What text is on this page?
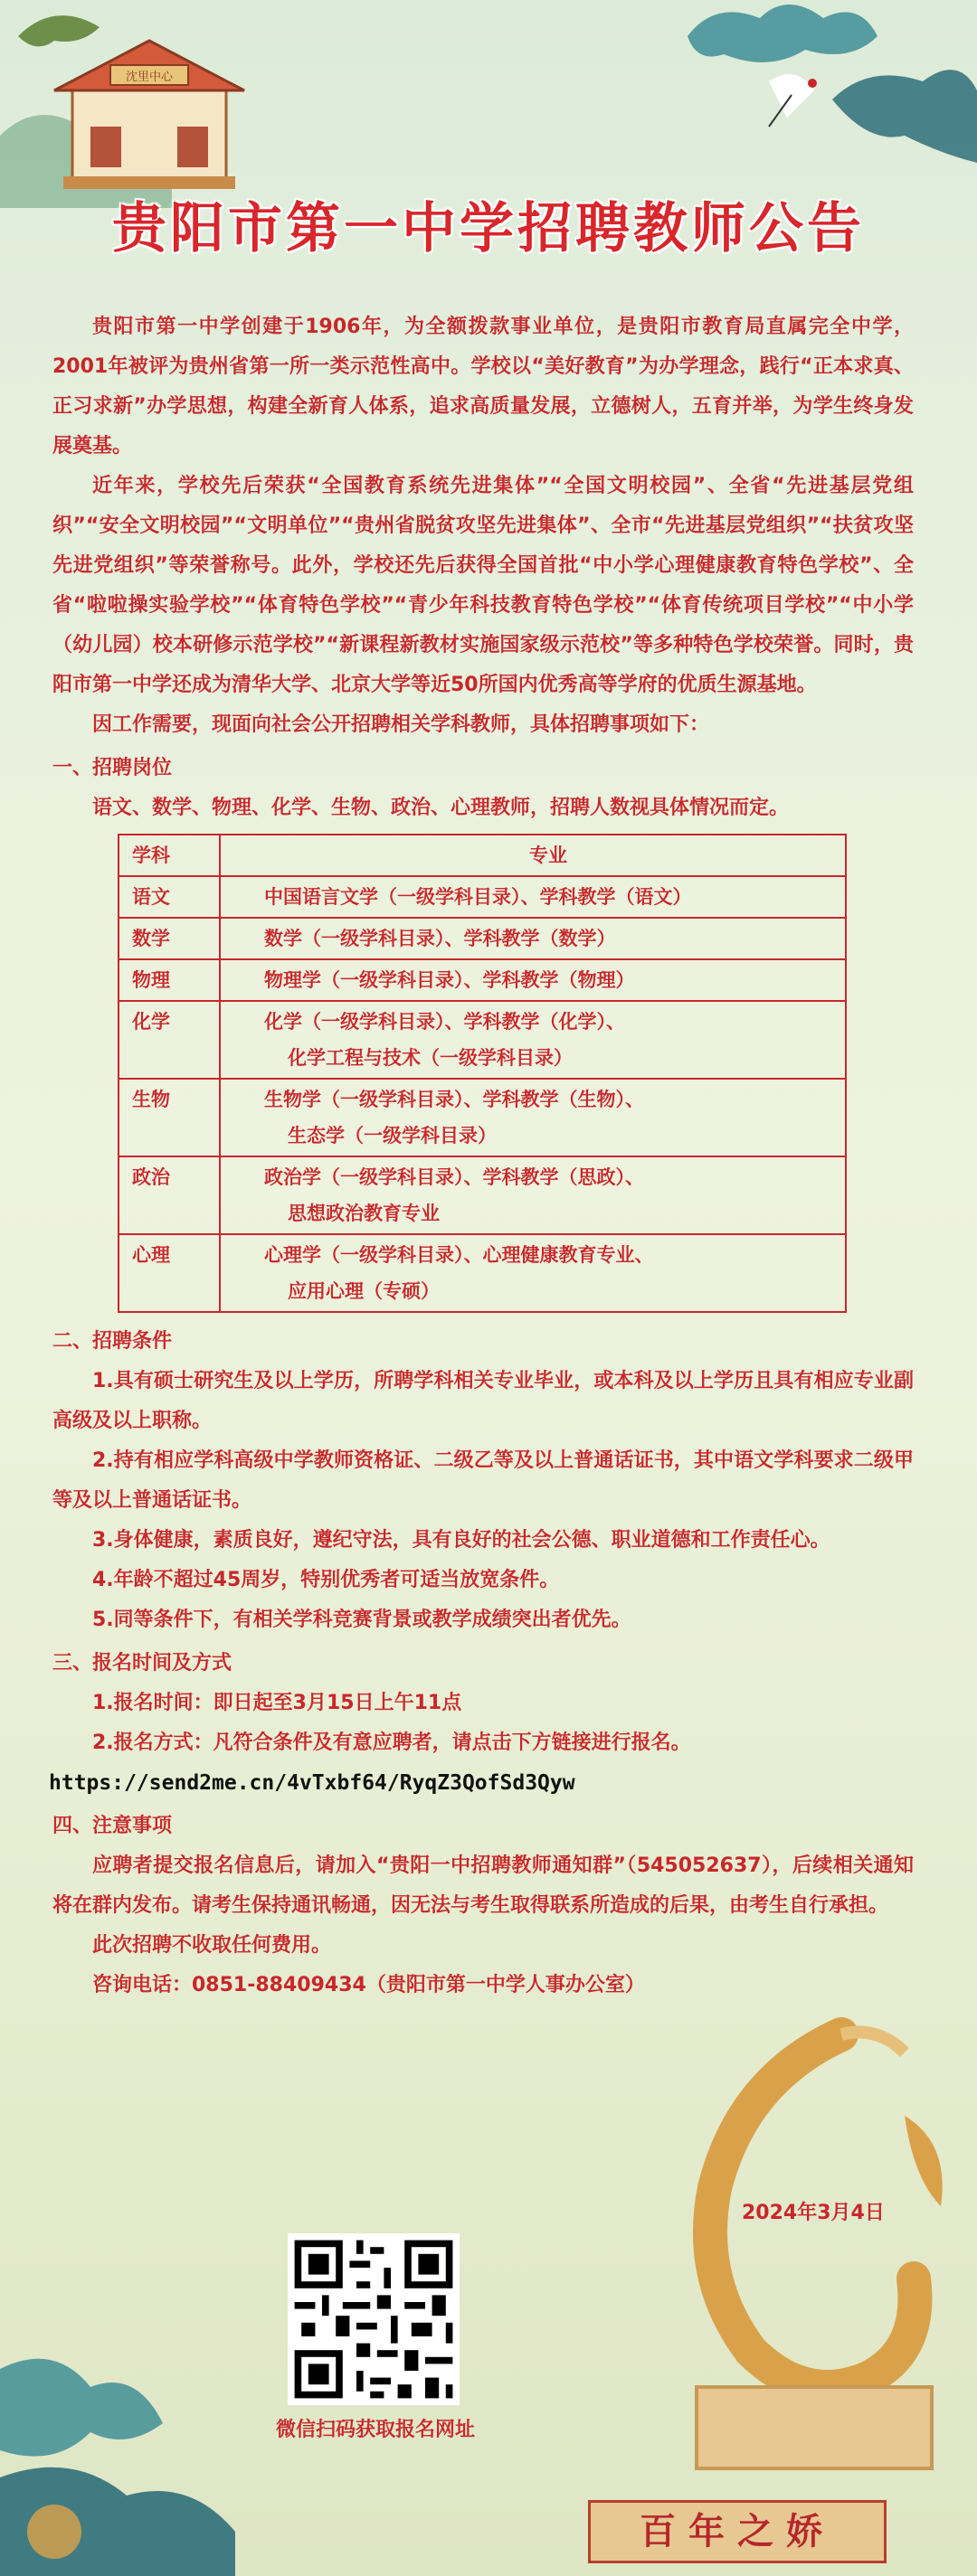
沈里中心
贵阳市第一中学招聘教师公告

贵阳市第一中学创建于1906年，为全额拨款事业单位，是贵阳市教育局直属完全中学，2001年被评为贵州省第一所一类示范性高中。学校以“美好教育”为办学理念，践行“正本求真、正习求新”办学思想，构建全新育人体系，追求高质量发展，立德树人，五育并举，为学生终身发展奠基。

近年来，学校先后荣获“全国教育系统先进集体”“全国文明校园”、全省“先进基层党组织”“安全文明校园”“文明单位”“贵州省脱贫攻坚先进集体”、全市“先进基层党组织”“扶贫攻坚先进党组织”等荣誉称号。此外，学校还先后获得全国首批“中小学心理健康教育特色学校”、全省“啦啦操实验学校”“体育特色学校”“青少年科技教育特色学校”“体育传统项目学校”“中小学（幼儿园）校本研修示范学校”“新课程新教材实施国家级示范校”等多种特色学校荣誉。同时，贵阳市第一中学还成为清华大学、北京大学等近50所国内优秀高等学府的优质生源基地。

因工作需要，现面向社会公开招聘相关学科教师，具体招聘事项如下：

一、招聘岗位

语文、数学、物理、化学、生物、政治、心理教师，招聘人数视具体情况而定。

学科	专业
语文	中国语言文学（一级学科目录）、学科教学（语文）

数学	数学（一级学科目录）、学科教学（数学）

物理	物理学（一级学科目录）、学科教学（物理）

化学	化学（一级学科目录）、学科教学（化学）、
化学工程与技术（一级学科目录）

生物	生物学（一级学科目录）、学科教学（生物）、
生态学（一级学科目录）

政治	政治学（一级学科目录）、学科教学（思政）、
思想政治教育专业

心理	心理学（一级学科目录）、心理健康教育专业、
应用心理（专硕）
二、招聘条件

1.具有硕士研究生及以上学历，所聘学科相关专业毕业，或本科及以上学历且具有相应专业副高级及以上职称。

2.持有相应学科高级中学教师资格证、二级乙等及以上普通话证书，其中语文学科要求二级甲等及以上普通话证书。

3.身体健康，素质良好，遵纪守法，具有良好的社会公德、职业道德和工作责任心。

4.年龄不超过45周岁，特别优秀者可适当放宽条件。

5.同等条件下，有相关学科竞赛背景或教学成绩突出者优先。

三、报名时间及方式

1.报名时间：即日起至3月15日上午11点

2.报名方式：凡符合条件及有意应聘者，请点击下方链接进行报名。

https://send2me.cn/4vTxbf64/RyqZ3QofSd3Qyw

四、注意事项

应聘者提交报名信息后，请加入“贵阳一中招聘教师通知群”（545052637），后续相关通知将在群内发布。请考生保持通讯畅通，因无法与考生取得联系所造成的后果，由考生自行承担。

此次招聘不收取任何费用。

咨询电话：0851-88409434（贵阳市第一中学人事办公室）

2024年3月4日
微信扫码获取报名网址
百年之娇
